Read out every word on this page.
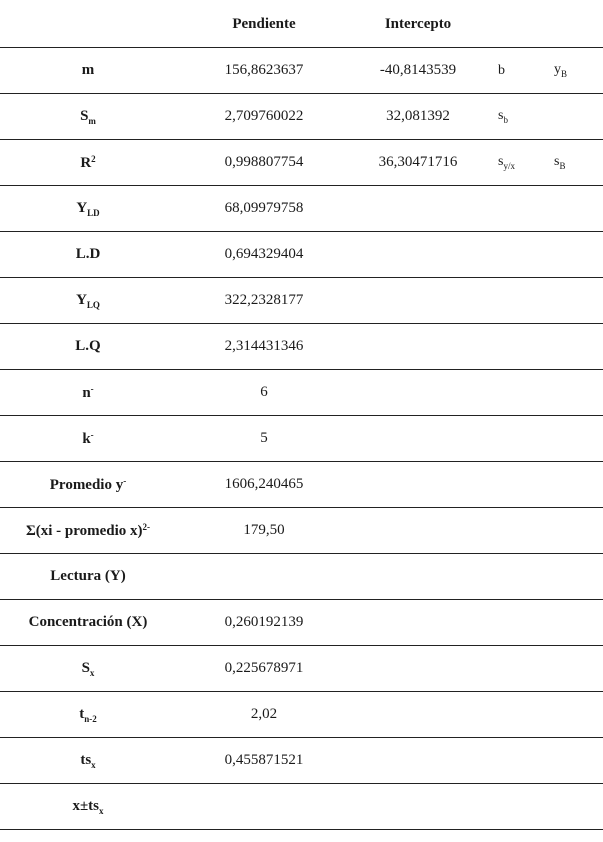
	Pendiente	Intercepto		
m	156,8623637	-40,8143539	b	$y_B$
$S_m$	2,709760022	32,081392	$s_b$	
$R^2$	0,998807754	36,30471716	$s_{y/x}$	$s_B$
$Y_{LD}$	68,09979758			
L.D	0,694329404			
$Y_{LQ}$	322,2328177			
L.Q	2,314431346			
n-	6			
k-	5			
Promedio y-	1606,240465			
Σ(xi - promedio x)$^{2-}$	179,50			
Lectura (Y)				
Concentración (X)	0,260192139			
$S_x$	0,225678971			
$t_{n-2}$	2,02			
$ts_x$	0,455871521			
$x\pm ts_x$				
